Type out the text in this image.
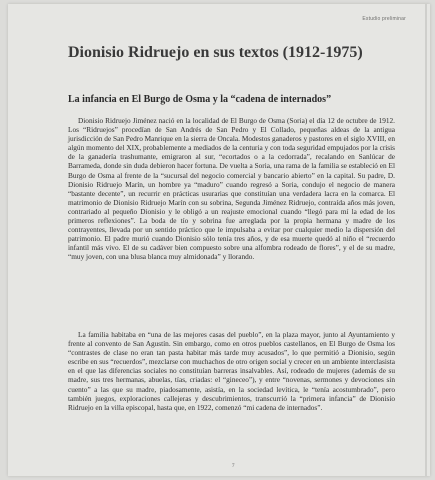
Estudio preliminar
Dionisio Ridruejo en sus textos (1912-1975)
La infancia en El Burgo de Osma y la “cadena de internados”

Dionisio Ridruejo Jiménez nació en la localidad de El Burgo de Osma (Soria) el día 12 de octubre de 1912. Los “Ridruejos” procedían de San Andrés de San Pedro y El Collado, pequeñas aldeas de la antigua jurisdicción de San Pedro Manrique en la sierra de Oncala. Modestos ganaderos y pastores en el siglo XVIII, en algún momento del XIX, probablemente a mediados de la centuria y con toda seguridad empujados por la crisis de la ganadería trashumante, emigraron al sur, “ecortados o a la cedorrada”, recalando en Sanlúcar de Barrameda, donde sin duda debieron hacer fortuna. De vuelta a Soria, una rama de la familia se estableció en El Burgo de Osma al frente de la “sucursal del negocio comercial y bancario abierto” en la capital. Su padre, D. Dionisio Ridruejo Marín, un hombre ya “maduro” cuando regresó a Soria, condujo el negocio de manera “bastante decente”, un recurrir en prácticas usurarias que constituían una verdadera lacra en la comarca. El matrimonio de Dionisio Ridruejo Marín con su sobrina, Segunda Jiménez Ridruejo, contraída años más joven, contrariado al pequeño Dionisio y le obligó a un reajuste emocional cuando “llegó para mí la edad de los primeros reflexiones”. La boda de tío y sobrina fue arreglada por la propia hermana y madre de los contrayentes, llevada por un sentido práctico que le impulsaba a evitar por cualquier medio la dispersión del patrimonio. El padre murió cuando Dionisio sólo tenía tres años, y de esa muerte quedó al niño el “recuerdo infantil más vivo. El de su cadáver bien compuesto sobre una alfombra rodeado de flores”, y el de su madre, “muy joven, con una blusa blanca muy almidonada” y llorando.

La familia habitaba en “una de las mejores casas del pueblo”, en la plaza mayor, junto al Ayuntamiento y frente al convento de San Agustín. Sin embargo, como en otros pueblos castellanos, en El Burgo de Osma los “contrastes de clase no eran tan pasta habitar más tarde muy acusados”, lo que permitió a Dionisio, según escribe en sus “recuerdos”, mezclarse con muchachos de otro origen social y crecer en un ambiente interclasista en el que las diferencias sociales no constituían barreras insalvables. Así, rodeado de mujeres (además de su madre, sus tres hermanas, abuelas, tías, criadas: el “gineceo”), y entre “novenas, sermones y devociones sin cuento” a las que su madre, piadosamente, asistía, en la sociedad levítica, le “tenía acostumbrado”, pero también juegos, exploraciones callejeras y descubrimientos, transcurrió la “primera infancia” de Dionisio Ridruejo en la villa episcopal, hasta que, en 1922, comenzó “mi cadena de internados”.

7
